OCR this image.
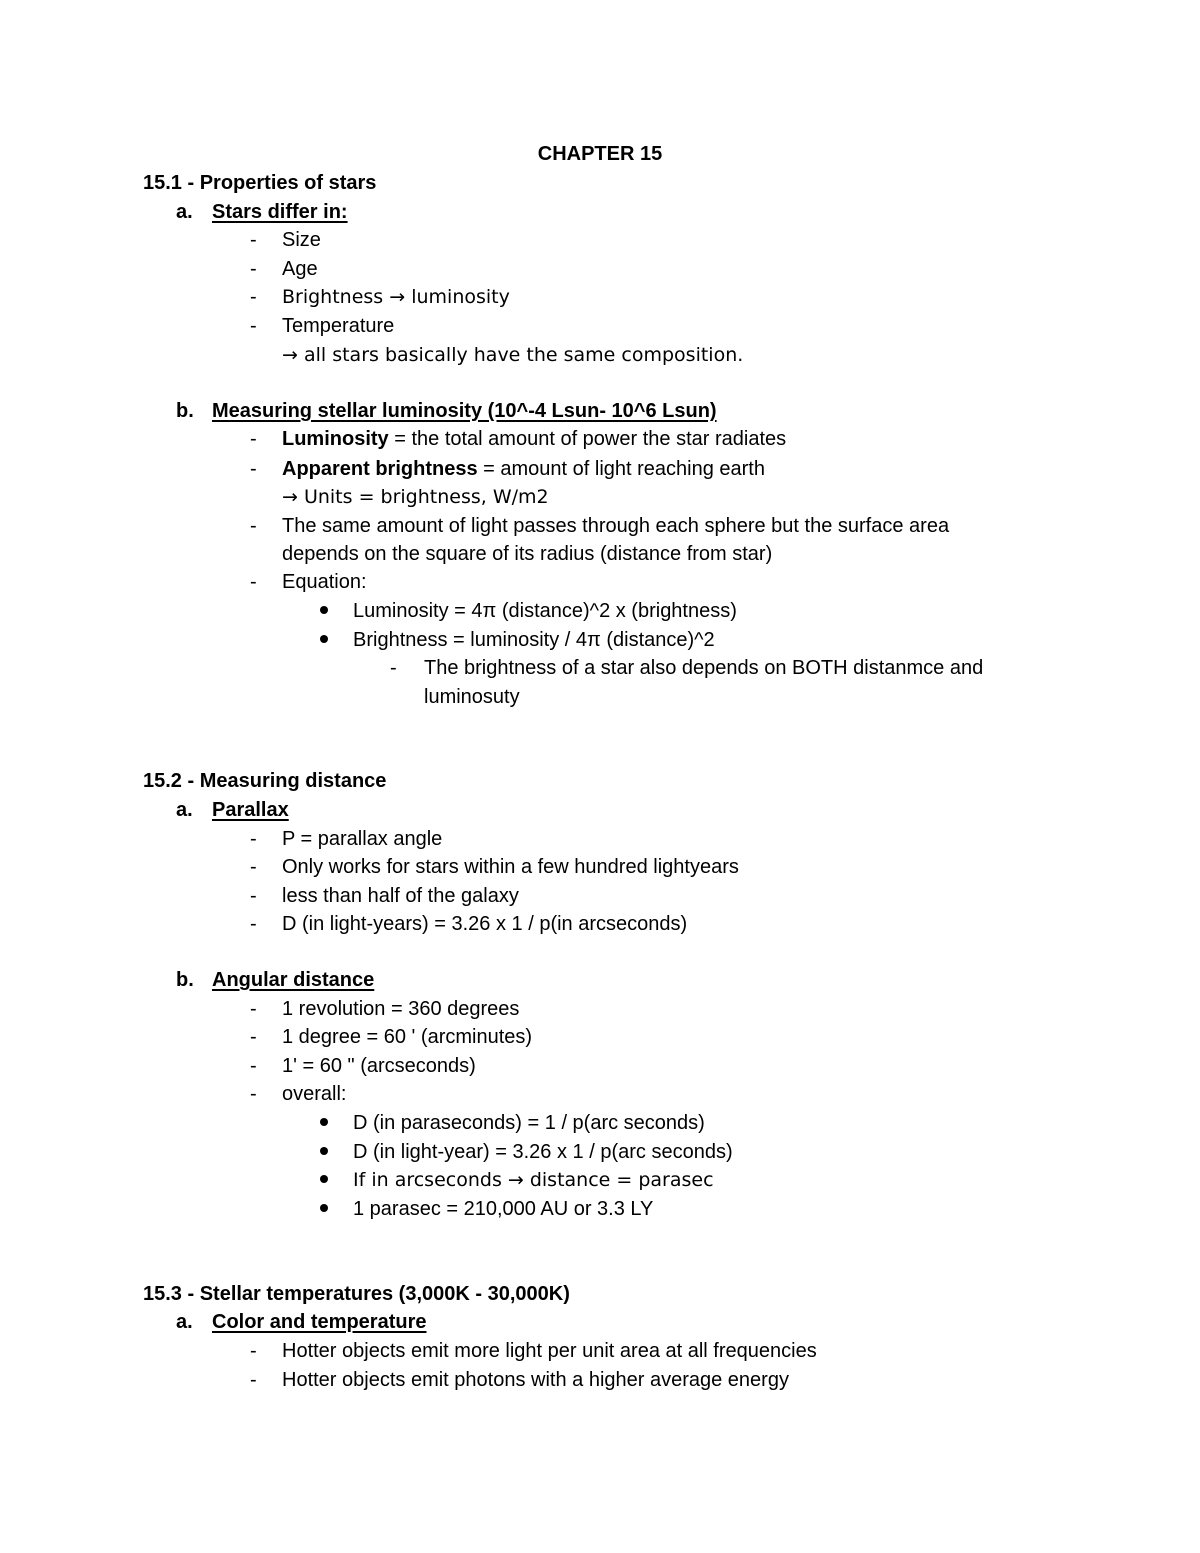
CHAPTER 15
15.1 - Properties of stars
a. Stars differ in:
- Size
- Age
- Brightness → luminosity
- Temperature
→ all stars basically have the same composition.
b. Measuring stellar luminosity (10^-4 Lsun- 10^6 Lsun)
- Luminosity = the total amount of power the star radiates
- Apparent brightness = amount of light reaching earth
→ Units = brightness, W/m2
- The same amount of light passes through each sphere but the surface area
depends on the square of its radius (distance from star)
- Equation:
Luminosity = 4π (distance)^2 x (brightness)
Brightness = luminosity / 4π (distance)^2
- The brightness of a star also depends on BOTH distanmce and
luminosuty
15.2 - Measuring distance
a. Parallax
- P = parallax angle
- Only works for stars within a few hundred lightyears
- less than half of the galaxy
- D (in light-years) = 3.26 x 1 / p(in arcseconds)
b. Angular distance
- 1 revolution = 360 degrees
- 1 degree = 60 ' (arcminutes)
- 1' = 60 " (arcseconds)
- overall:
D (in paraseconds) = 1 / p(arc seconds)
D (in light-year) = 3.26 x 1 / p(arc seconds)
If in arcseconds → distance = parasec
1 parasec = 210,000 AU or 3.3 LY
15.3 - Stellar temperatures (3,000K - 30,000K)
a. Color and temperature
- Hotter objects emit more light per unit area at all frequencies
- Hotter objects emit photons with a higher average energy
